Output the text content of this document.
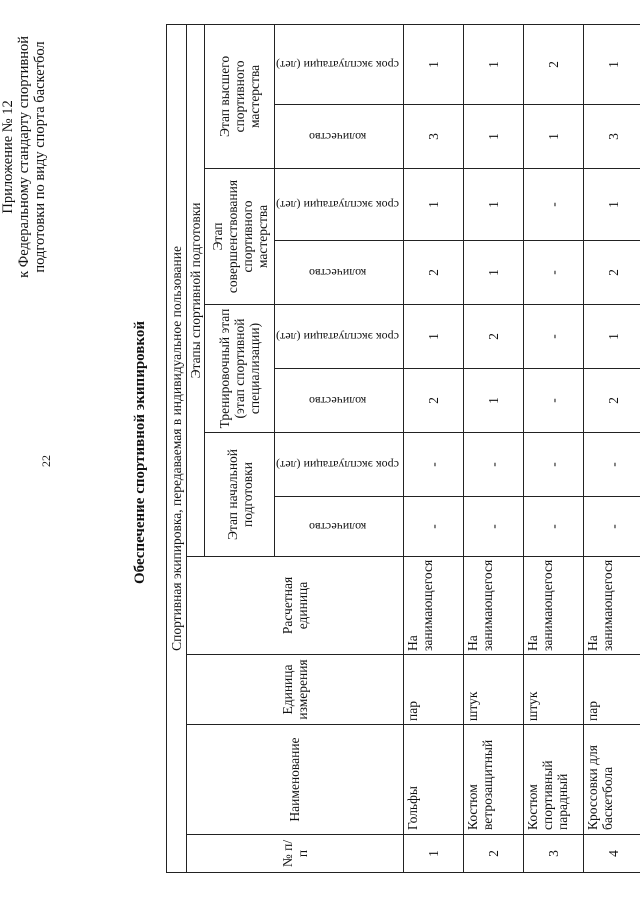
22
Приложение № 12 к Федеральному стандарту спортивной подготовки по виду спорта баскетбол
Обеспечение спортивной экипировкой Спортивная экипировка, передаваемая в индивидуальное пользование											
№ п/п	Наименование	Единица измерения	Расчетная единица	Этапы спортивной подготовки							
				Этап начальной подготовки		Тренировочный этап (этап спортивной специализации)		Этап совершенствования спортивного мастерства		Этап высшего спортивного мастерства	
				количество	срок эксплуатации (лет)	количество	срок эксплуатации (лет)	количество	срок эксплуатации (лет)	количество	срок эксплуатации (лет)
1	Гольфы	пар	На занимающегося	-	-	2	1	2	1	3	1
2	Костюм ветрозащитный	штук	На занимающегося	-	-	1	2	1	1	1	1
3	Костюм спортивный парадный	штук	На занимающегося	-	-	-	-	-	-	1	2
4	Кроссовки для баскетбола	пар	На занимающегося	-	-	2	1	2	1	3	1
